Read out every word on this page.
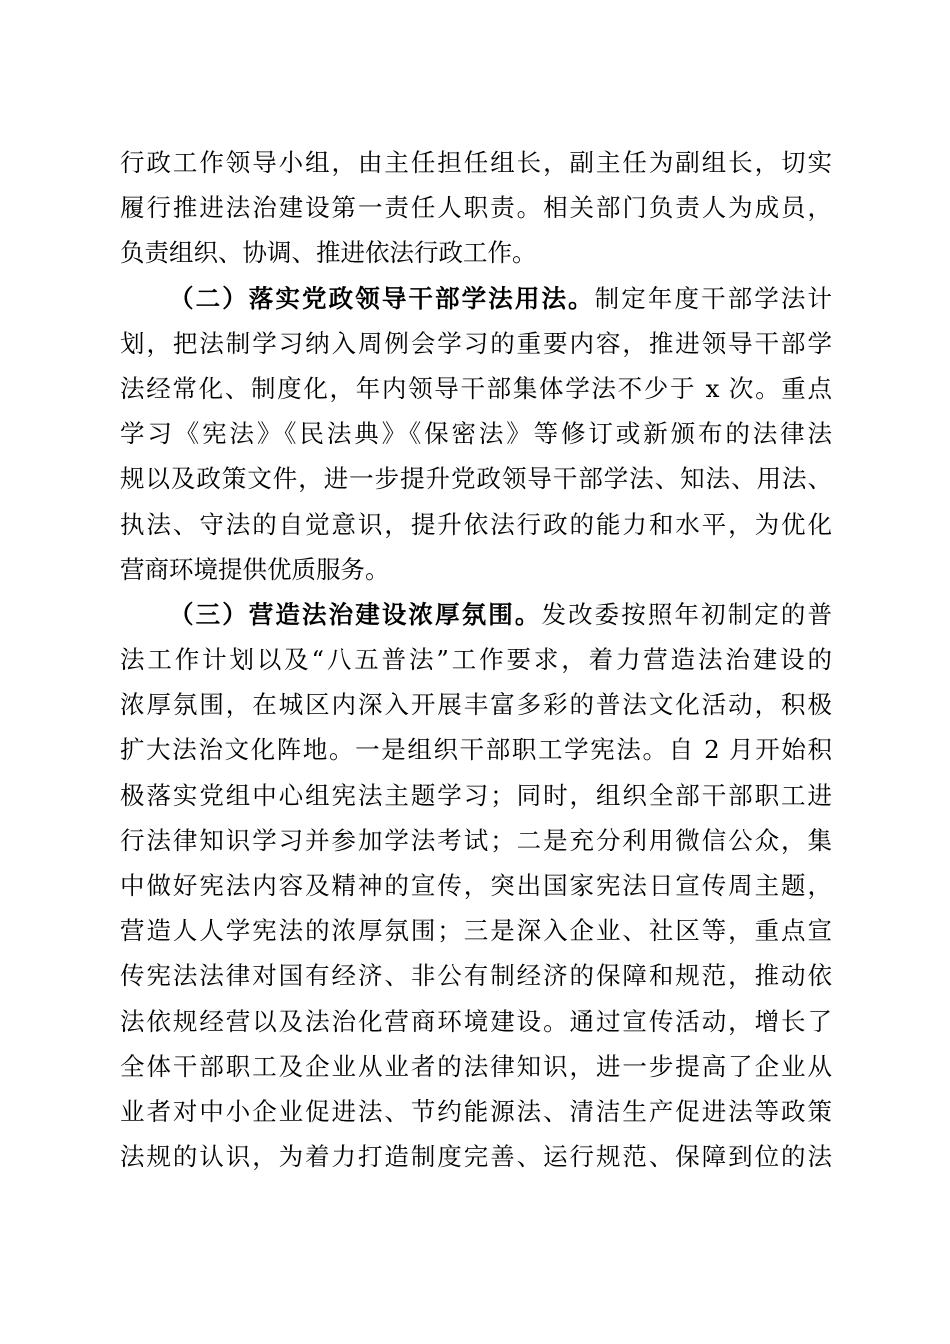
行政工作领导小组，由主任担任组长，副主任为副组长，切实
履行推进法治建设第一责任人职责。相关部门负责人为成员，
负责组织、协调、推进依法行政工作。
（二）落实党政领导干部学法用法。制定年度干部学法计
划，把法制学习纳入周例会学习的重要内容，推进领导干部学
法经常化、制度化，年内领导干部集体学法不少于 x 次。重点
学习《宪法》《民法典》《保密法》等修订或新颁布的法律法
规以及政策文件，进一步提升党政领导干部学法、知法、用法、
执法、守法的自觉意识，提升依法行政的能力和水平，为优化
营商环境提供优质服务。
（三）营造法治建设浓厚氛围。发改委按照年初制定的普
法工作计划以及“八五普法”工作要求，着力营造法治建设的
浓厚氛围，在城区内深入开展丰富多彩的普法文化活动，积极
扩大法治文化阵地。一是组织干部职工学宪法。自 2 月开始积
极落实党组中心组宪法主题学习；同时，组织全部干部职工进
行法律知识学习并参加学法考试；二是充分利用微信公众，集
中做好宪法内容及精神的宣传，突出国家宪法日宣传周主题，
营造人人学宪法的浓厚氛围；三是深入企业、社区等，重点宣
传宪法法律对国有经济、非公有制经济的保障和规范，推动依
法依规经营以及法治化营商环境建设。通过宣传活动，增长了
全体干部职工及企业从业者的法律知识，进一步提高了企业从
业者对中小企业促进法、节约能源法、清洁生产促进法等政策
法规的认识，为着力打造制度完善、运行规范、保障到位的法
